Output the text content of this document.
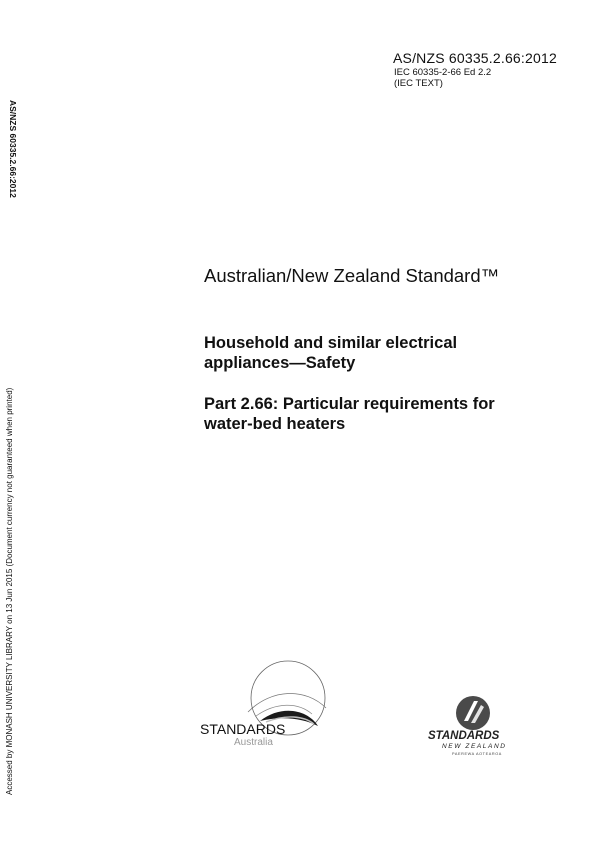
AS/NZS 60335.2.66:2012
IEC 60335-2-66 Ed 2.2
(IEC TEXT)
AS/NZS 60335.2.66:2012
Accessed by MONASH UNIVERSITY LIBRARY on 13 Jun 2015 (Document currency not guaranteed when printed)
Australian/New Zealand Standard™
Household and similar electrical appliances—Safety
Part 2.66: Particular requirements for water-bed heaters
STANDARDS
Australia
STANDARDS
NEW ZEALAND
PAEREWA AOTEAROA
